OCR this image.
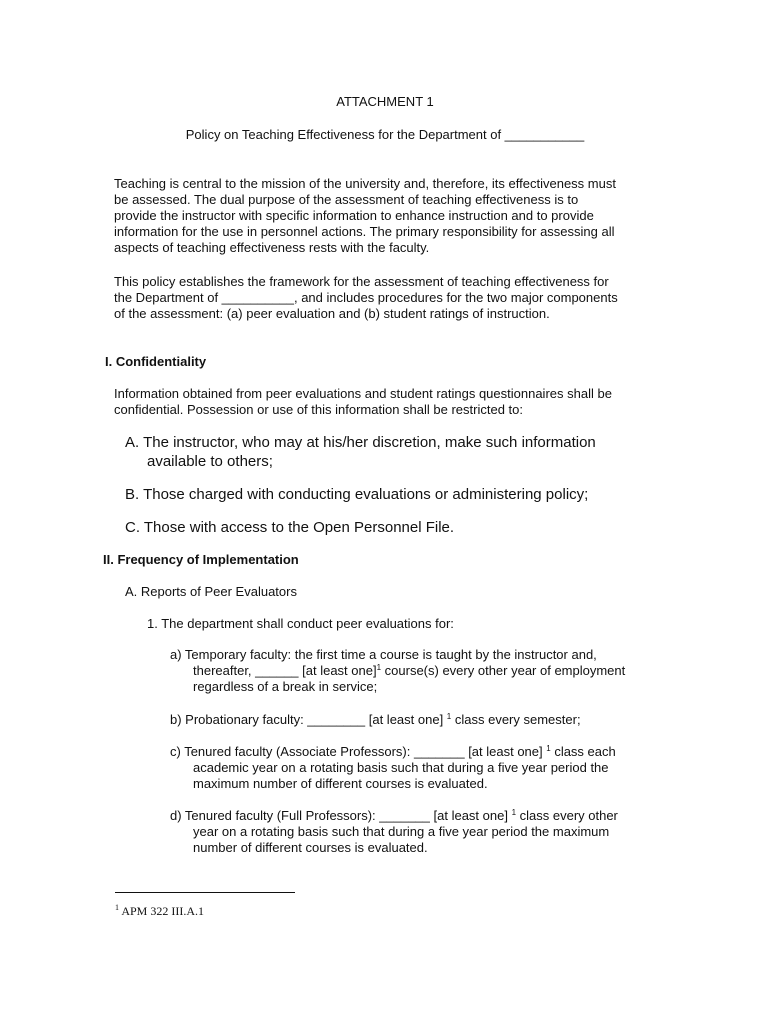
ATTACHMENT 1
Policy on Teaching Effectiveness for the Department of ___________
Teaching is central to the mission of the university and, therefore, its effectiveness must
be assessed. The dual purpose of the assessment of teaching effectiveness is to
provide the instructor with specific information to enhance instruction and to provide
information for the use in personnel actions. The primary responsibility for assessing all
aspects of teaching effectiveness rests with the faculty.
This policy establishes the framework for the assessment of teaching effectiveness for
the Department of __________, and includes procedures for the two major components
of the assessment: (a) peer evaluation and (b) student ratings of instruction.
I. Confidentiality
Information obtained from peer evaluations and student ratings questionnaires shall be
confidential. Possession or use of this information shall be restricted to:
A. The instructor, who may at his/her discretion, make such information
available to others;
B. Those charged with conducting evaluations or administering policy;
C. Those with access to the Open Personnel File.
II. Frequency of Implementation
A. Reports of Peer Evaluators
1. The department shall conduct peer evaluations for:
a) Temporary faculty: the first time a course is taught by the instructor and,
thereafter, ______ [at least one]$^1$ course(s) every other year of employment
regardless of a break in service;
b) Probationary faculty: ________ [at least one] $^1$ class every semester;
c) Tenured faculty (Associate Professors): _______ [at least one] $^1$ class each
academic year on a rotating basis such that during a five year period the
maximum number of different courses is evaluated.
d) Tenured faculty (Full Professors): _______ [at least one] $^1$ class every other
year on a rotating basis such that during a five year period the maximum
number of different courses is evaluated.
$^1$ APM 322 III.A.1
